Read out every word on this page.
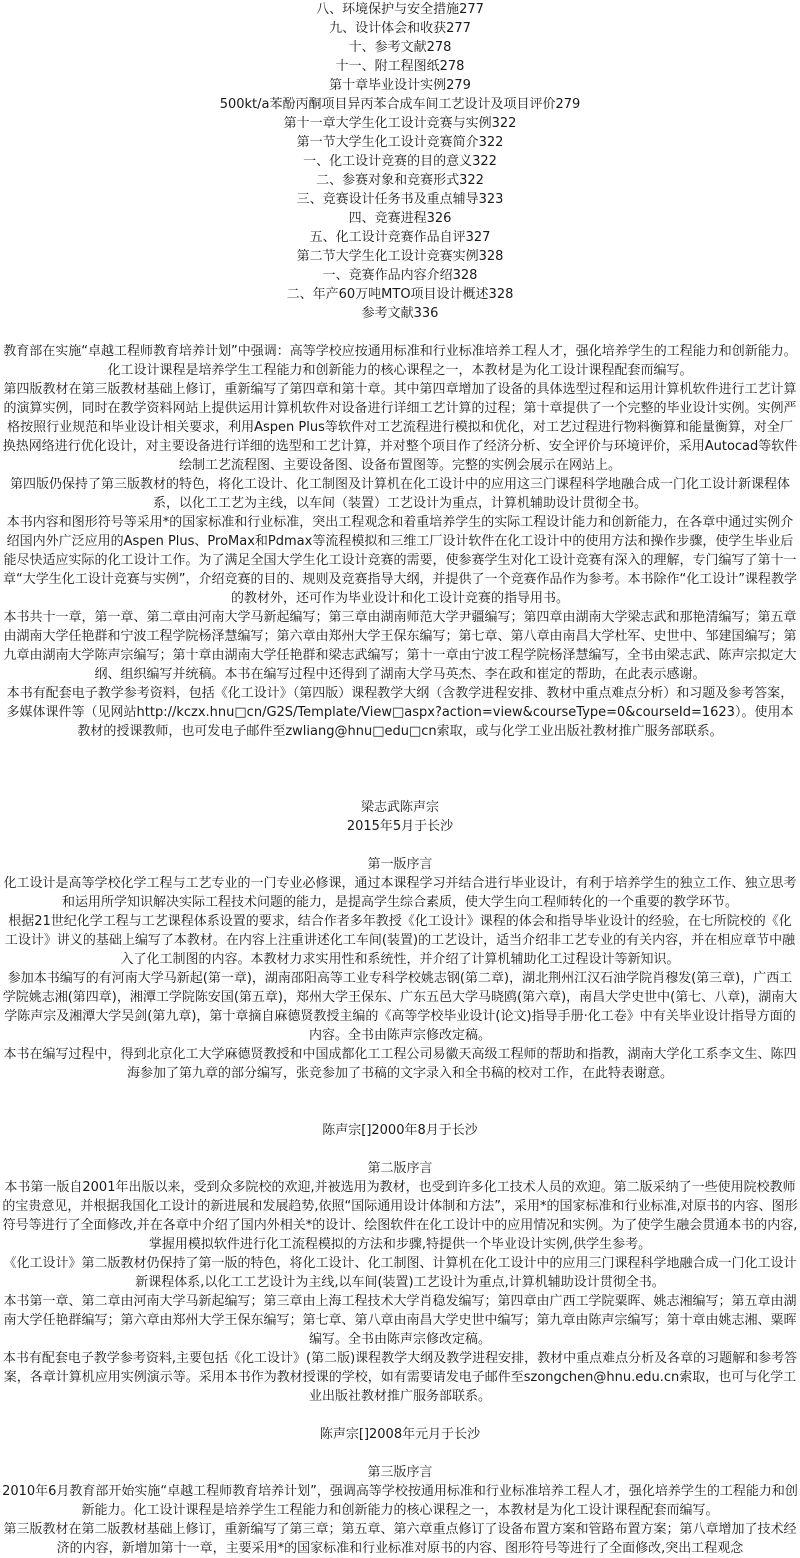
八、环境保护与安全措施277
九、设计体会和收获277
十、参考文献278
十一、附工程图纸278
第十章毕业设计实例279
500kt/a苯酚丙酮项目异丙苯合成车间工艺设计及项目评价279
第十一章大学生化工设计竞赛与实例322
第一节大学生化工设计竞赛简介322
一、化工设计竞赛的目的意义322
二、参赛对象和竞赛形式322
三、竞赛设计任务书及重点辅导323
四、竞赛进程326
五、化工设计竞赛作品自评327
第二节大学生化工设计竞赛实例328
一、竞赛作品内容介绍328
二、年产60万吨MTO项目设计概述328
参考文献336

教育部在实施“卓越工程师教育培养计划”中强调：高等学校应按通用标准和行业标准培养工程人才，强化培养学生的工程能力和创新能力。化工设计课程是培养学生工程能力和创新能力的核心课程之一，本教材是为化工设计课程配套而编写。

第四版教材在第三版教材基础上修订，重新编写了第四章和第十章。其中第四章增加了设备的具体选型过程和运用计算机软件进行工艺计算的演算实例，同时在教学资料网站上提供运用计算机软件对设备进行详细工艺计算的过程；第十章提供了一个完整的毕业设计实例。实例严格按照行业规范和毕业设计相关要求，利用Aspen Plus等软件对工艺流程进行模拟和优化，对工艺过程进行物料衡算和能量衡算，对全厂换热网络进行优化设计，对主要设备进行详细的选型和工艺计算，并对整个项目作了经济分析、安全评价与环境评价，采用Autocad等软件绘制工艺流程图、主要设备图、设备布置图等。完整的实例会展示在网站上。

第四版仍保持了第三版教材的特色，将化工设计、化工制图及计算机在化工设计中的应用这三门课程科学地融合成一门化工设计新课程体系，以化工工艺为主线，以车间（装置）工艺设计为重点，计算机辅助设计贯彻全书。

本书内容和图形符号等采用*的国家标准和行业标准，突出工程观念和着重培养学生的实际工程设计能力和创新能力，在各章中通过实例介绍国内外广泛应用的Aspen Plus、ProMax和Pdmax等流程模拟和三维工厂设计软件在化工设计中的使用方法和操作步骤，使学生毕业后能尽快适应实际的化工设计工作。为了满足全国大学生化工设计竞赛的需要，使参赛学生对化工设计竞赛有深入的理解，专门编写了第十一章“大学生化工设计竞赛与实例”，介绍竞赛的目的、规则及竞赛指导大纲，并提供了一个竞赛作品作为参考。本书除作“化工设计”课程教学的教材外，还可作为毕业设计和化工设计竞赛的指导用书。

本书共十一章，第一章、第二章由河南大学马新起编写；第三章由湖南师范大学尹疆编写；第四章由湖南大学梁志武和那艳清编写；第五章由湖南大学任艳群和宁波工程学院杨泽慧编写；第六章由郑州大学王保东编写；第七章、第八章由南昌大学杜军、史世中、邹建国编写；第九章由湖南大学陈声宗编写；第十章由湖南大学任艳群和梁志武编写；第十一章由宁波工程学院杨泽慧编写，全书由梁志武、陈声宗拟定大纲、组织编写并统稿。本书在编写过程中还得到了湖南大学马英杰、李在政和崔定的帮助，在此表示感谢。

本书有配套电子教学参考资料，包括《化工设计》（第四版）课程教学大纲（含教学进程安排、教材中重点难点分析）和习题及参考答案，多媒体课件等（见网站http://kczx.hnu□cn/G2S/Template/View□aspx?action=view&courseType=0&courseId=1623）。使用本教材的授课教师，也可发电子邮件至zwliang@hnu□edu□cn索取，或与化学工业出版社教材推广服务部联系。

梁志武陈声宗

2015年5月于长沙

第一版序言

化工设计是高等学校化学工程与工艺专业的一门专业必修课，通过本课程学习并结合进行毕业设计，有利于培养学生的独立工作、独立思考和运用所学知识解决实际工程技术问题的能力，是提高学生综合素质，使大学生向工程师转化的一个重要的教学环节。

根据21世纪化学工程与工艺课程体系设置的要求，结合作者多年教授《化工设计》课程的体会和指导毕业设计的经验，在七所院校的《化工设计》讲义的基础上编写了本教材。在内容上注重讲述化工车间(装置)的工艺设计，适当介绍非工艺专业的有关内容，并在相应章节中融入了化工制图的内容。本教材力求实用性和系统性，并介绍了计算机辅助化工过程设计等新知识。

参加本书编写的有河南大学马新起(第一章)，湖南邵阳高等工业专科学校姚志钢(第二章)，湖北荆州江汉石油学院肖穆发(第三章)，广西工学院姚志湘(第四章)，湘潭工学院陈安国(第五章)，郑州大学王保东、广东五邑大学马晓鸥(第六章)，南昌大学史世中(第七、八章)，湖南大学陈声宗及湘潭大学吴剑(第九章)，第十章摘自麻德贤教授主编的《高等学校毕业设计(论文)指导手册·化工卷》中有关毕业设计指导方面的内容。全书由陈声宗修改定稿。

本书在编写过程中，得到北京化工大学麻德贤教授和中国成都化工工程公司易徽天高级工程师的帮助和指教，湖南大学化工系李文生、陈四海参加了第九章的部分编写，张竞参加了书稿的文字录入和全书稿的校对工作，在此特表谢意。

陈声宗[]2000年8月于长沙

第二版序言

本书第一版自2001年出版以来，受到众多院校的欢迎,并被选用为教材，也受到许多化工技术人员的欢迎。第二版采纳了一些使用院校教师的宝贵意见，并根据我国化工设计的新进展和发展趋势,依照“国际通用设计体制和方法”，采用*的国家标准和行业标准,对原书的内容、图形符号等进行了全面修改,并在各章中介绍了国内外相关*的设计、绘图软件在化工设计中的应用情况和实例。为了使学生融会贯通本书的内容,掌握用模拟软件进行化工流程模拟的方法和步骤,特提供一个毕业设计实例,供学生参考。

《化工设计》第二版教材仍保持了第一版的特色，将化工设计、化工制图、计算机在化工设计中的应用三门课程科学地融合成一门化工设计新课程体系,以化工工艺设计为主线,以车间(装置)工艺设计为重点,计算机辅助设计贯彻全书。

本书第一章、第二章由河南大学马新起编写；第三章由上海工程技术大学肖稳发编写；第四章由广西工学院粟晖、姚志湘编写；第五章由湖南大学任艳群编写；第六章由郑州大学王保东编写；第七章、第八章由南昌大学史世中编写；第九章由陈声宗编写；第十章由姚志湘、粟晖编写。全书由陈声宗修改定稿。

本书有配套电子教学参考资料,主要包括《化工设计》(第二版)课程教学大纲及教学进程安排，教材中重点难点分析及各章的习题解和参考答案，各章计算机应用实例演示等。采用本书作为教材授课的学校，如有需要请发电子邮件至szongchen@hnu.edu.cn索取，也可与化学工业出版社教材推广服务部联系。

陈声宗[]2008年元月于长沙

第三版序言

2010年6月教育部开始实施“卓越工程师教育培养计划”，强调高等学校按通用标准和行业标准培养工程人才，强化培养学生的工程能力和创新能力。化工设计课程是培养学生工程能力和创新能力的核心课程之一，本教材是为化工设计课程配套而编写。

第三版教材在第二版教材基础上修订，重新编写了第三章；第五章、第六章重点修订了设备布置方案和管路布置方案；第八章增加了技术经济的内容，新增加第十一章，主要采用*的国家标准和行业标准对原书的内容、图形符号等进行了全面修改,突出工程观念
